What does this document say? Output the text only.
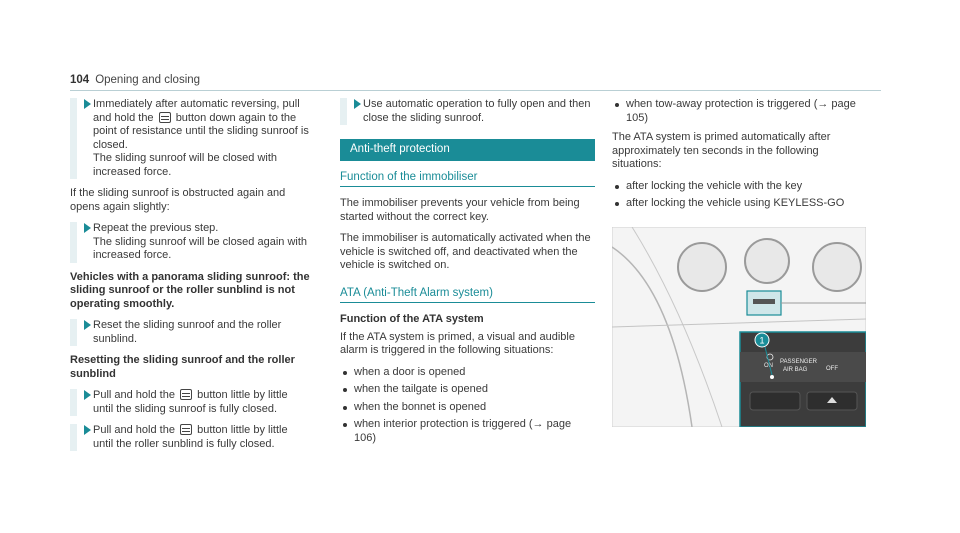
104 Opening and closing

Immediately after automatic reversing, pull and hold the button down again to the point of resistance until the sliding sunroof is closed.

The sliding sunroof will be closed with increased force.

If the sliding sunroof is obstructed again and opens again slightly:

Repeat the previous step.

The sliding sunroof will be closed again with increased force.

Vehicles with a panorama sliding sunroof: the sliding sunroof or the roller sunblind is not operating smoothly.

Reset the sliding sunroof and the roller sunblind.

Resetting the sliding sunroof and the roller sunblind

Pull and hold the button little by little until the sliding sunroof is fully closed.

Pull and hold the button little by little until the roller sunblind is fully closed.

Use automatic operation to fully open and then close the sliding sunroof.

Anti-theft protection
Function of the immobiliser

The immobiliser prevents your vehicle from being started without the correct key.

The immobiliser is automatically activated when the vehicle is switched off, and deactivated when the vehicle is switched on.

ATA (Anti-Theft Alarm system)

Function of the ATA system

If the ATA system is primed, a visual and audible alarm is triggered in the following situations:

when a door is opened
when the tailgate is opened
when the bonnet is opened
when interior protection is triggered (→ page 106)
when tow-away protection is triggered (→ page 105)

The ATA system is primed automatically after approximately ten seconds in the following situations:

after locking the vehicle with the key
after locking the vehicle using KEYLESS-GO
ON
PASSENGER
AIR BAG	OFF
1
